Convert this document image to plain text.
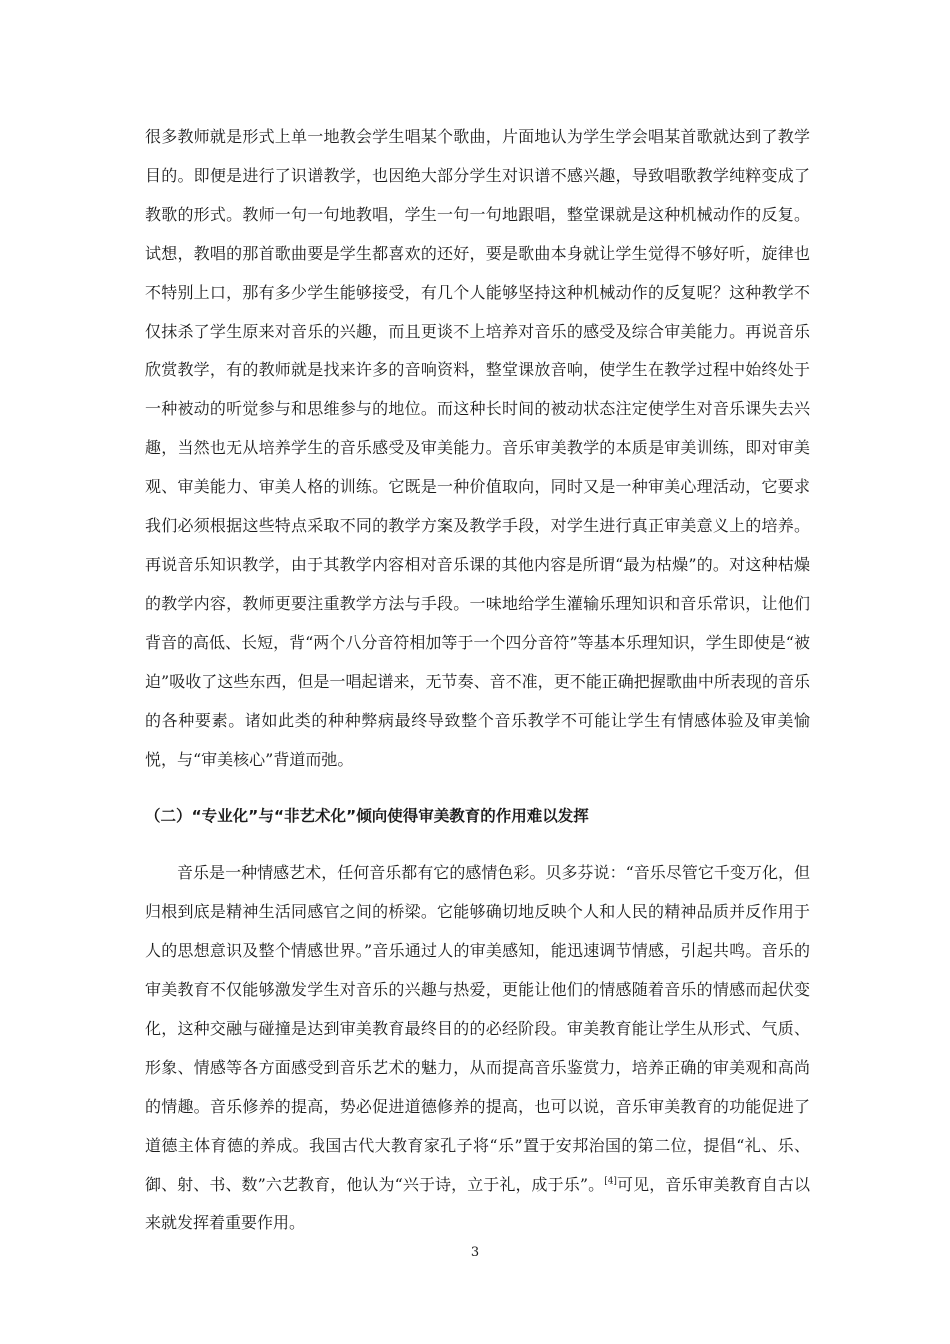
很多教师就是形式上单一地教会学生唱某个歌曲，片面地认为学生学会唱某首歌就达到了教学目的。即便是进行了识谱教学，也因绝大部分学生对识谱不感兴趣，导致唱歌教学纯粹变成了教歌的形式。教师一句一句地教唱，学生一句一句地跟唱，整堂课就是这种机械动作的反复。试想，教唱的那首歌曲要是学生都喜欢的还好，要是歌曲本身就让学生觉得不够好听，旋律也不特别上口，那有多少学生能够接受，有几个人能够坚持这种机械动作的反复呢？这种教学不仅抹杀了学生原来对音乐的兴趣，而且更谈不上培养对音乐的感受及综合审美能力。再说音乐欣赏教学，有的教师就是找来许多的音响资料，整堂课放音响，使学生在教学过程中始终处于一种被动的听觉参与和思维参与的地位。而这种长时间的被动状态注定使学生对音乐课失去兴趣，当然也无从培养学生的音乐感受及审美能力。音乐审美教学的本质是审美训练，即对审美观、审美能力、审美人格的训练。它既是一种价值取向，同时又是一种审美心理活动，它要求我们必须根据这些特点采取不同的教学方案及教学手段，对学生进行真正审美意义上的培养。再说音乐知识教学，由于其教学内容相对音乐课的其他内容是所谓“最为枯燥”的。对这种枯燥的教学内容，教师更要注重教学方法与手段。一味地给学生灌输乐理知识和音乐常识，让他们背音的高低、长短，背“两个八分音符相加等于一个四分音符”等基本乐理知识，学生即使是“被迫”吸收了这些东西，但是一唱起谱来，无节奏、音不准，更不能正确把握歌曲中所表现的音乐的各种要素。诸如此类的种种弊病最终导致整个音乐教学不可能让学生有情感体验及审美愉悦，与“审美核心”背道而弛。

（二）“专业化”与“非艺术化”倾向使得审美教育的作用难以发挥

音乐是一种情感艺术，任何音乐都有它的感情色彩。贝多芬说：“音乐尽管它千变万化，但归根到底是精神生活同感官之间的桥梁。它能够确切地反映个人和人民的精神品质并反作用于人的思想意识及整个情感世界。”音乐通过人的审美感知，能迅速调节情感，引起共鸣。音乐的审美教育不仅能够激发学生对音乐的兴趣与热爱，更能让他们的情感随着音乐的情感而起伏变化，这种交融与碰撞是达到审美教育最终目的的必经阶段。审美教育能让学生从形式、气质、形象、情感等各方面感受到音乐艺术的魅力，从而提高音乐鉴赏力，培养正确的审美观和高尚的情趣。音乐修养的提高，势必促进道德修养的提高，也可以说，音乐审美教育的功能促进了道德主体育德的养成。我国古代大教育家孔子将“乐”置于安邦治国的第二位，提倡“礼、乐、御、射、书、数”六艺教育，他认为“兴于诗，立于礼，成于乐”。[4]可见，音乐审美教育自古以来就发挥着重要作用。

3
